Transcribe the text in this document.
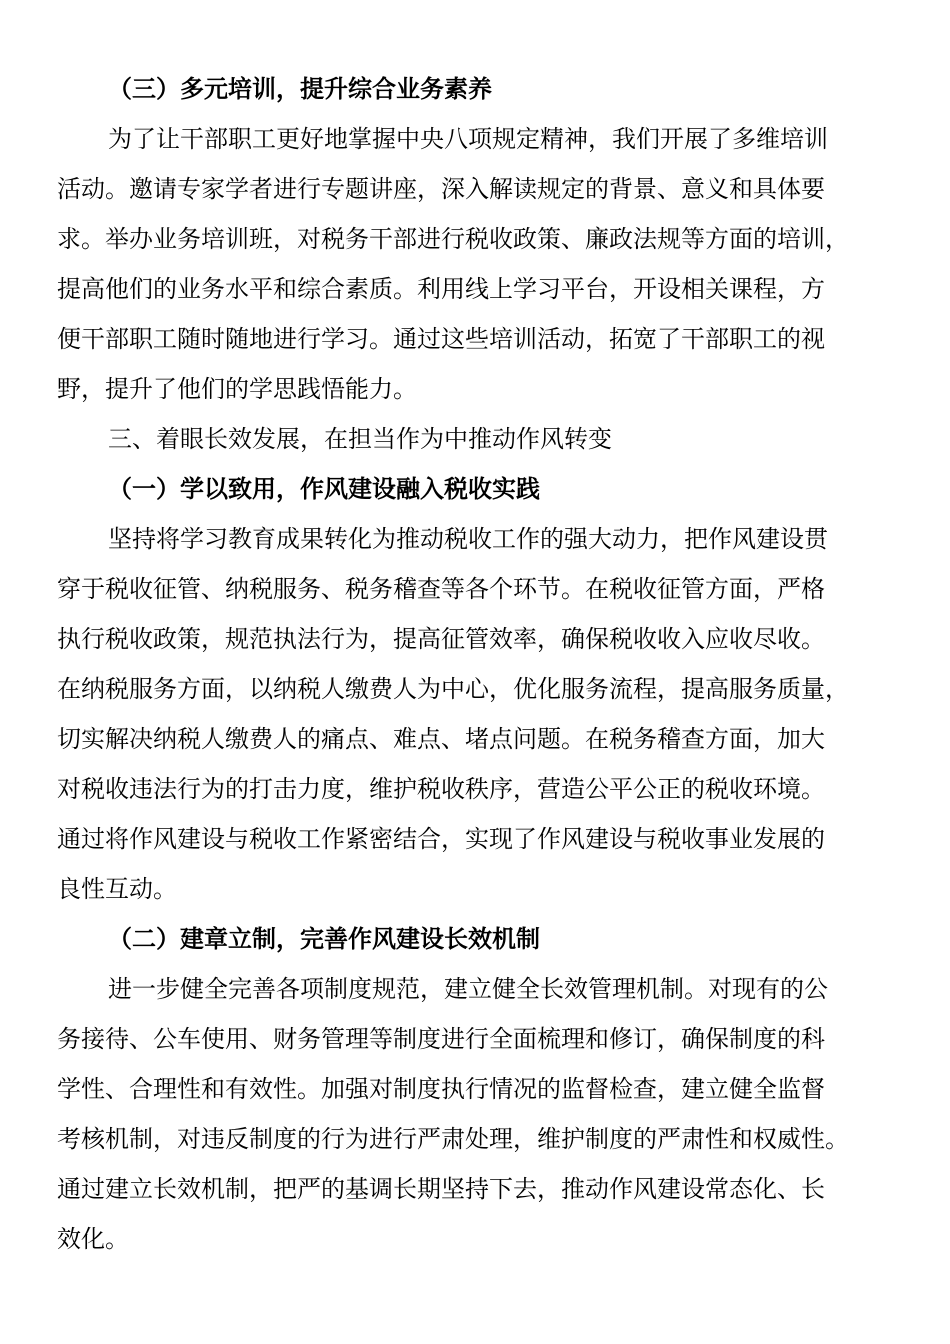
（三）多元培训，提升综合业务素养
为了让干部职工更好地掌握中央八项规定精神，我们开展了多维培训
活动。邀请专家学者进行专题讲座，深入解读规定的背景、意义和具体要
求。举办业务培训班，对税务干部进行税收政策、廉政法规等方面的培训，
提高他们的业务水平和综合素质。利用线上学习平台，开设相关课程，方
便干部职工随时随地进行学习。通过这些培训活动，拓宽了干部职工的视
野，提升了他们的学思践悟能力。
三、着眼长效发展，在担当作为中推动作风转变
（一）学以致用，作风建设融入税收实践
坚持将学习教育成果转化为推动税收工作的强大动力，把作风建设贯
穿于税收征管、纳税服务、税务稽查等各个环节。在税收征管方面，严格
执行税收政策，规范执法行为，提高征管效率，确保税收收入应收尽收。
在纳税服务方面，以纳税人缴费人为中心，优化服务流程，提高服务质量，
切实解决纳税人缴费人的痛点、难点、堵点问题。在税务稽查方面，加大
对税收违法行为的打击力度，维护税收秩序，营造公平公正的税收环境。
通过将作风建设与税收工作紧密结合，实现了作风建设与税收事业发展的
良性互动。
（二）建章立制，完善作风建设长效机制
进一步健全完善各项制度规范，建立健全长效管理机制。对现有的公
务接待、公车使用、财务管理等制度进行全面梳理和修订，确保制度的科
学性、合理性和有效性。加强对制度执行情况的监督检查，建立健全监督
考核机制，对违反制度的行为进行严肃处理，维护制度的严肃性和权威性。
通过建立长效机制，把严的基调长期坚持下去，推动作风建设常态化、长
效化。
